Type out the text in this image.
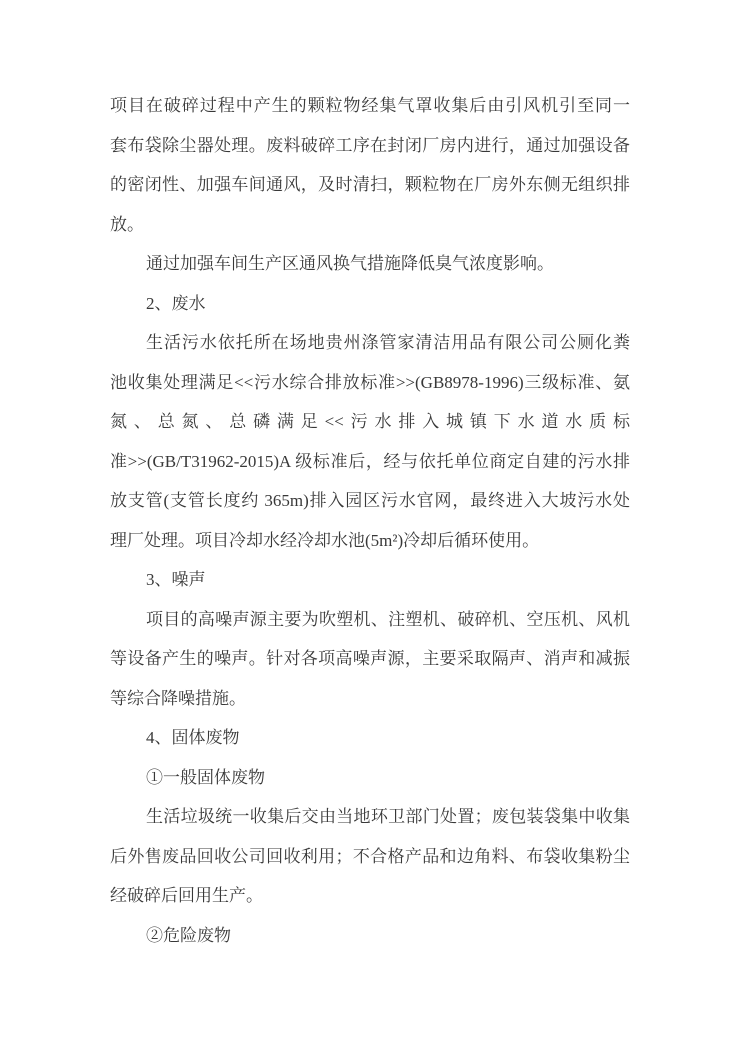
项目在破碎过程中产生的颗粒物经集气罩收集后由引风机引至同一

套布袋除尘器处理。废料破碎工序在封闭厂房内进行，通过加强设备

的密闭性、加强车间通风，及时清扫，颗粒物在厂房外东侧无组织排

放。

通过加强车间生产区通风换气措施降低臭气浓度影响。

2、废水

生活污水依托所在场地贵州涤管家清洁用品有限公司公厕化粪

池收集处理满足<<污水综合排放标准>>(GB8978-1996)三级标准、氨

氮、总氮、总磷满足<<污水排入城镇下水道水质标

准>>(GB/T31962-2015)A 级标准后，经与依托单位商定自建的污水排

放支管(支管长度约 365m)排入园区污水官网，最终进入大坡污水处

理厂处理。项目冷却水经冷却水池(5m²)冷却后循环使用。

3、噪声

项目的高噪声源主要为吹塑机、注塑机、破碎机、空压机、风机

等设备产生的噪声。针对各项高噪声源，主要采取隔声、消声和减振

等综合降噪措施。

4、固体废物

①一般固体废物

生活垃圾统一收集后交由当地环卫部门处置；废包装袋集中收集

后外售废品回收公司回收利用；不合格产品和边角料、布袋收集粉尘

经破碎后回用生产。

②危险废物
